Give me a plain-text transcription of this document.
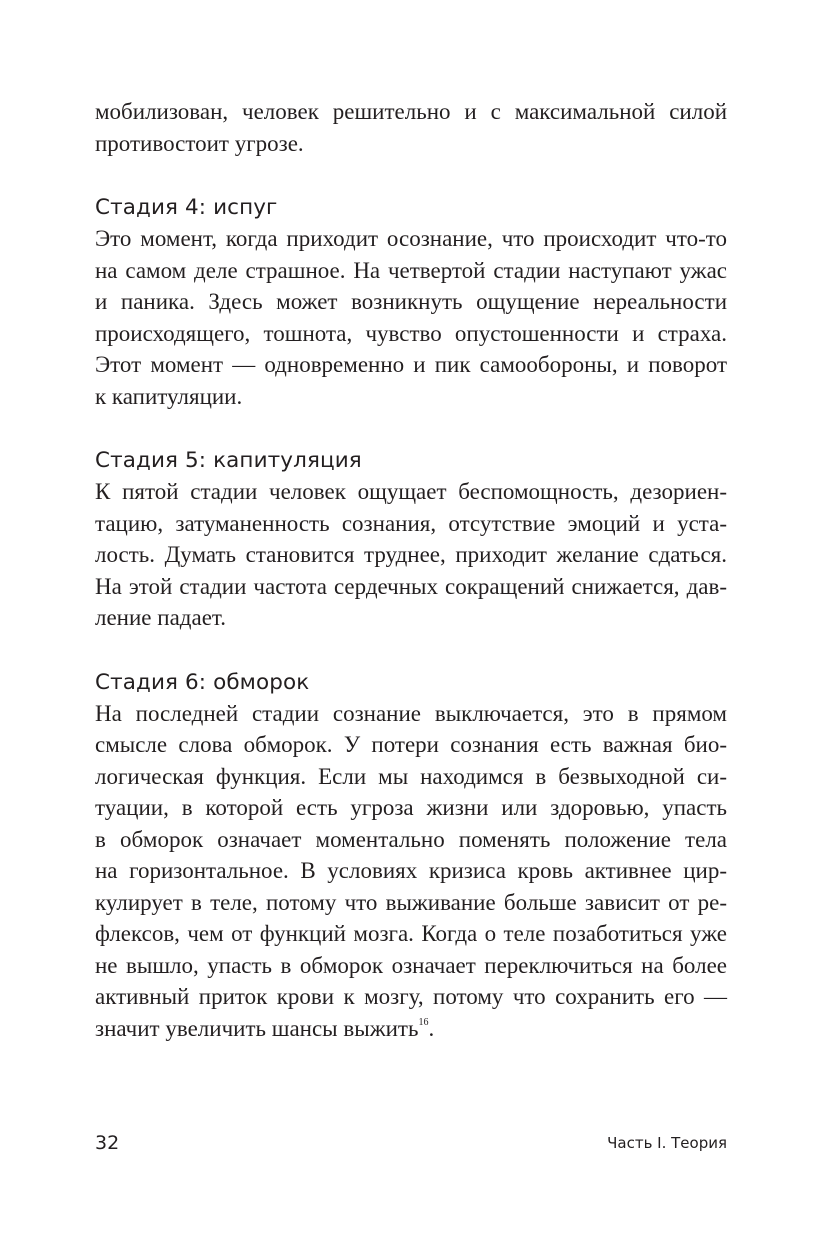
мобилизован, человек решительно и с максимальной силой
противостоит угрозе.

Стадия 4: испуг

Это момент, когда приходит осознание, что происходит что-то
на самом деле страшное. На четвертой стадии наступают ужас
и паника. Здесь может возникнуть ощущение нереальности
происходящего, тошнота, чувство опустошенности и страха.
Этот момент — одновременно и пик самообороны, и поворот
к капитуляции.

Стадия 5: капитуляция

К пятой стадии человек ощущает беспомощность, дезориен-
тацию, затуманенность сознания, отсутствие эмоций и уста-
лость. Думать становится труднее, приходит желание сдаться.
На этой стадии частота сердечных сокращений снижается, дав-
ление падает.

Стадия 6: обморок

На последней стадии сознание выключается, это в прямом
смысле слова обморок. У потери сознания есть важная био-
логическая функция. Если мы находимся в безвыходной си-
туации, в которой есть угроза жизни или здоровью, упасть
в обморок означает моментально поменять положение тела
на горизонтальное. В условиях кризиса кровь активнее цир-
кулирует в теле, потому что выживание больше зависит от ре-
флексов, чем от функций мозга. Когда о теле позаботиться уже
не вышло, упасть в обморок означает переключиться на более
активный приток крови к мозгу, потому что сохранить его —
значит увеличить шансы выжить$^{16}$.

32	Часть I. Теория
